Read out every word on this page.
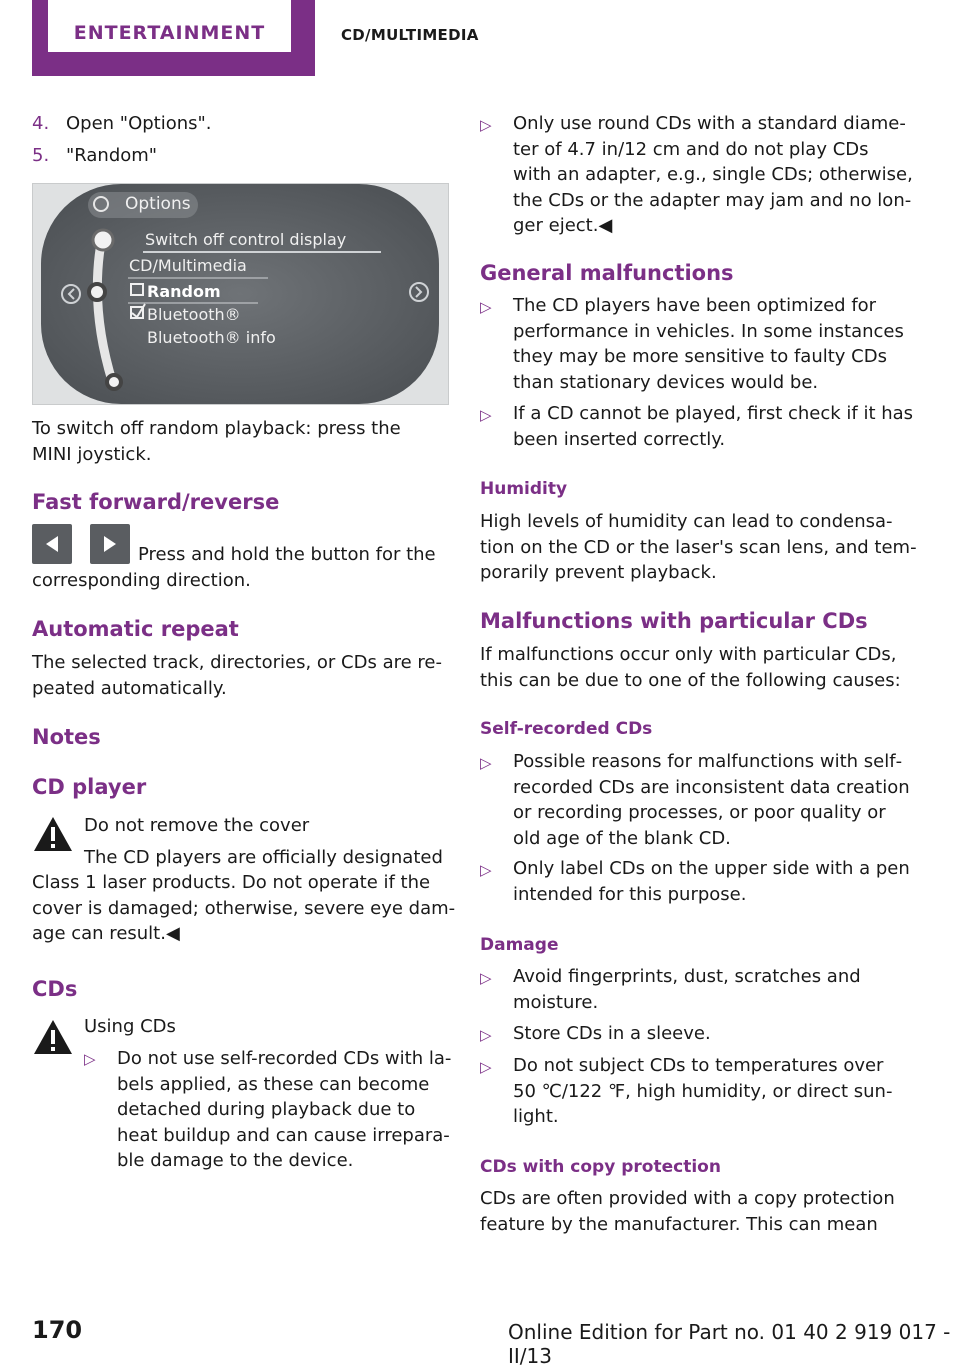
ENTERTAINMENT	CD/MULTIMEDIA
4. Open "Options".
5. "Random"
Options
Switch off control display
CD/Multimedia
Random
Bluetooth®
Bluetooth® info
To switch off random playback: press the
MINI joystick.
Fast forward/reverse
Press and hold the button for the
corresponding direction.
Automatic repeat
The selected track, directories, or CDs are re‐
peated automatically.
Notes
CD player
Do not remove the cover
The CD players are officially designated
Class 1 laser products. Do not operate if the
cover is damaged; otherwise, severe eye dam‐
age can result.◀
CDs
Using CDs
▷ Do not use self-recorded CDs with la‐
bels applied, as these can become
detached during playback due to
heat buildup and can cause irrepara‐
ble damage to the device.
▷ Only use round CDs with a standard diame‐
ter of 4.7 in/12 cm and do not play CDs
with an adapter, e.g., single CDs; otherwise,
the CDs or the adapter may jam and no lon‐
ger eject.◀
General malfunctions
▷ The CD players have been optimized for
performance in vehicles. In some instances
they may be more sensitive to faulty CDs
than stationary devices would be.
▷ If a CD cannot be played, first check if it has
been inserted correctly.
Humidity
High levels of humidity can lead to condensa‐
tion on the CD or the laser's scan lens, and tem‐
porarily prevent playback.
Malfunctions with particular CDs
If malfunctions occur only with particular CDs,
this can be due to one of the following causes:
Self-recorded CDs
▷ Possible reasons for malfunctions with self‐
recorded CDs are inconsistent data creation
or recording processes, or poor quality or
old age of the blank CD.
▷ Only label CDs on the upper side with a pen
intended for this purpose.
Damage
▷ Avoid fingerprints, dust, scratches and
moisture.
▷ Store CDs in a sleeve.
▷ Do not subject CDs to temperatures over
50 ℃/122 ℉, high humidity, or direct sun‐
light.
CDs with copy protection
CDs are often provided with a copy protection
feature by the manufacturer. This can mean
170	Online Edition for Part no. 01 40 2 919 017 - II/13
